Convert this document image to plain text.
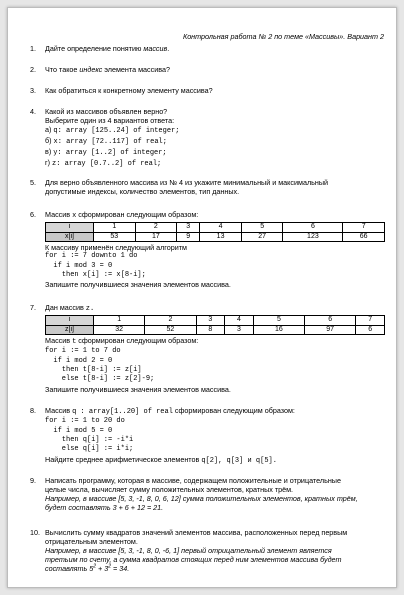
Контрольная работа № 2 по теме «Массивы». Вариант 2
1.	Дайте определение понятию массив.
2.	Что такое индекс элемента массива?
3.	Как обратиться к конкретному элементу массива?
4.	Какой из массивов объявлен верно?
Выберите один из 4 вариантов ответа:
а) q: array [125..24] of integer;
б) x: array [72..117] of real;
в) y: array [1..2] of integer;
г) z: array [0.7..2] of real;
5.	Для верно объявленного массива из № 4 из укажите минимальный и максимальный
допустимые индексы, количество элементов, тип данных.
6.	Массив x сформирован следующим образом:
i	1	2	3	4	5	6	7
x[i]	53	17	9	13	27	123	66
К массиву применён следующий алгоритм
for i := 7 downto 1 do
if i mod 3 = 0
then x[i] := x[8-i];
Запишите получившиеся значения элементов массива.
7.	Дан массив z.
i	1	2	3	4	5	6	7
z[i]	32	52	8	3	16	97	6
Массив t сформирован следующим образом:
for i := 1 to 7 do
if i mod 2 = 0
then t[8-i] := z[i]
else t[8-i] := z[2]-9;
Запишите получившиеся значения элементов массива.
8.	Массив q : array[1..20] of real сформирован следующим образом:
for i := 1 to 20 do
if i mod 5 = 0
then q[i] := -i*i
else q[i] := i*i;
Найдите среднее арифметическое элементов q[2], q[3] и q[5].
9.	Написать программу, которая в массиве, содержащем положительные и отрицательные
целые числа, вычисляет сумму положительных элементов, кратных трём.
Например, в массиве [5, 3, -1, 8, 0, 6, 12] сумма положительных элементов, кратных трём,
будет составлять 3 + 6 + 12 = 21.
10. Вычислить сумму квадратов значений элементов массива, расположенных перед первым
отрицательным элементом.
Например, в массиве [5, 3, -1, 8, 0, -6, 1] первый отрицательный элемент является
третьим по счету, а сумма квадратов стоящих перед ним элементов массива будет
составлять $5^2 + 3^2 = 34$.
